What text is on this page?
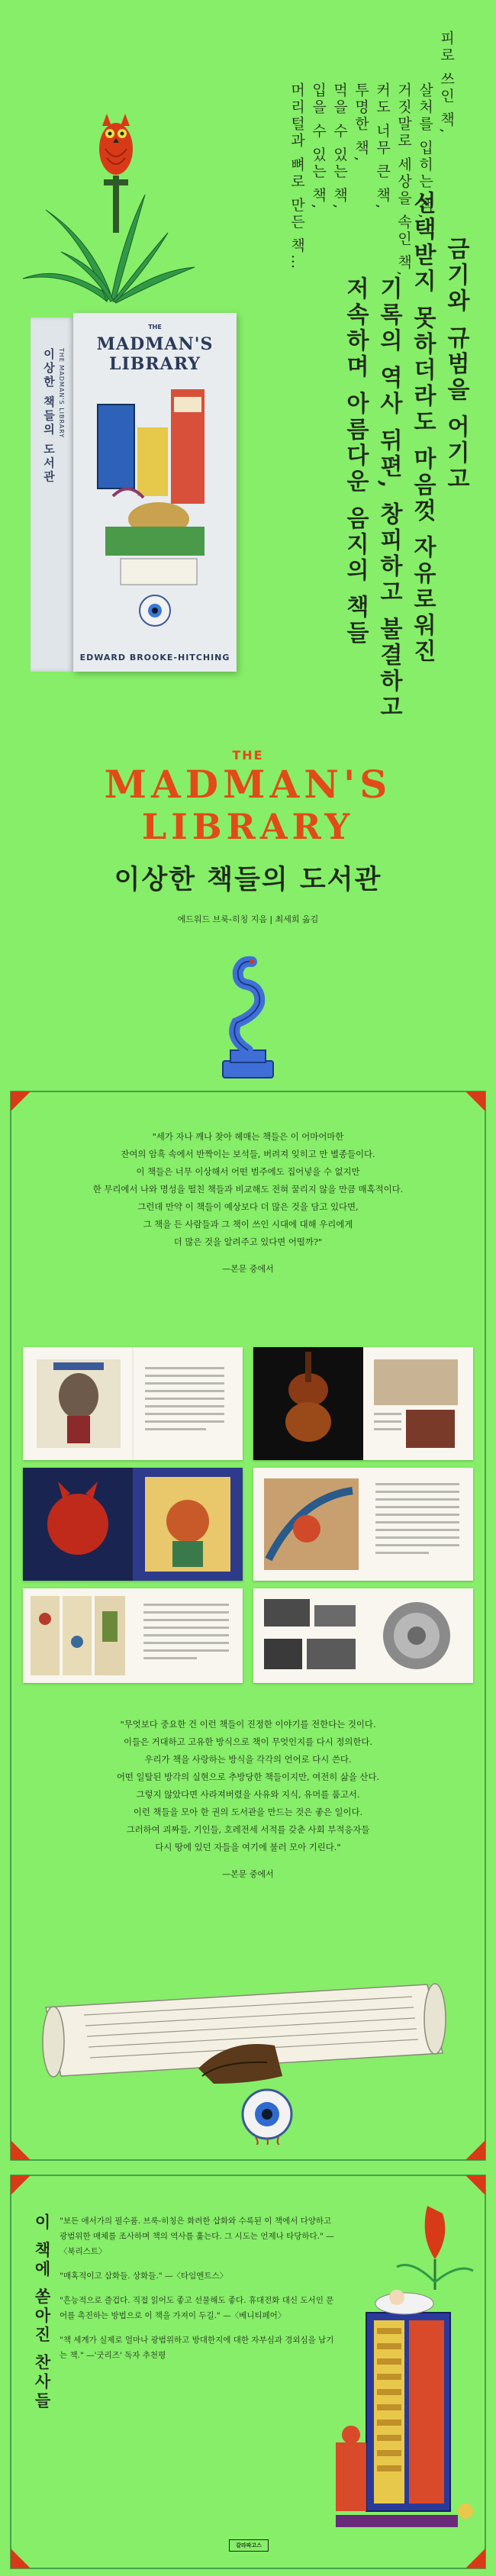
이상한 책들의 도서관 THE MADMAN'S LIBRARY
THE
MADMAN'S LIBRARY
EDWARD BROOKE-HITCHING
피로 쓰인 책,
살처를 입히는 책,
거짓말로 세상을 속인 책,
커도 너무 큰 책,
투명한 책,
먹을 수 있는 책,
입을 수 있는 책,
머리털과 뼈로 만든 책…
금기와 규범을 어기고
선택받지 못하더라도 마음껏 자유로워진
기록의 역사 뒤편, 창피하고 불결하고
저속하며 아름다운 음지의 책들
THE
MADMAN'S
LIBRARY
이상한 책들의 도서관
에드워드 브룩-히칭 지음 | 최세희 옮김

"세가 자나 깨나 찾아 헤매는 책들은 이 어마어마한

잔여의 암흑 속에서 반짝이는 보석들, 버려져 잊히고 만 별종들이다.

이 책들은 너무 이상해서 어떤 범주에도 집어넣을 수 없지만

한 무리에서 나와 명성을 떨친 책들과 비교해도 전혀 꿀리지 않을 만큼 매혹적이다.

그런데 만약 이 책들이 예상보다 더 많은 것을 담고 있다면,

그 책을 든 사람들과 그 책이 쓰인 시대에 대해 우리에게

더 많은 것을 알려주고 있다면 어떨까?"

—본문 중에서

"무엇보다 중요한 건 이런 책들이 진정한 이야기를 전한다는 것이다.

이들은 거대하고 고유한 방식으로 책이 무엇인지를 다시 정의한다.

우리가 책을 사랑하는 방식을 각각의 언어로 다시 쓴다.

어떤 일탈된 방각의 실현으로 추방당한 책들이지만, 여전히 삶을 산다.

그렇지 않았다면 사라져버렸을 사유와 지식, 유머를 품고서.

이런 책들을 모아 한 권의 도서관을 만드는 것은 좋은 일이다.

그러하여 괴짜들, 기인들, 호레전세 서적를 갖춘 사회 부적응자들

다시 땅에 있던 자들을 여기에 불러 모아 기린다."

—본문 중에서
이 책에 쏟아진 찬사들 "보든 애서가의 필수품. 브룩-히칭은 화려한 삽화와 수록된 이 책에서 다양하고 광범위한 매체를 조사하며 책의 역사를 훑는다. 그 시도는 언제나 타당하다." —〈북리스트〉

"매혹적이고 삼화들. 상화들." —〈타임엔트스〉

"흔능적으로 즐겁다. 직접 읽어도 좋고 선물해도 좋다. 휴대전화 대신 도서인 문어를 촉진하는 방법으로 이 책을 가져이 두길." —〈베니티페어〉

"책 세계가 실제로 얼마나 광범위하고 방대한지에 대한 자부심과 경외심을 남기는 책." —'굿리즈' 독자 추천평

갈라파고스
